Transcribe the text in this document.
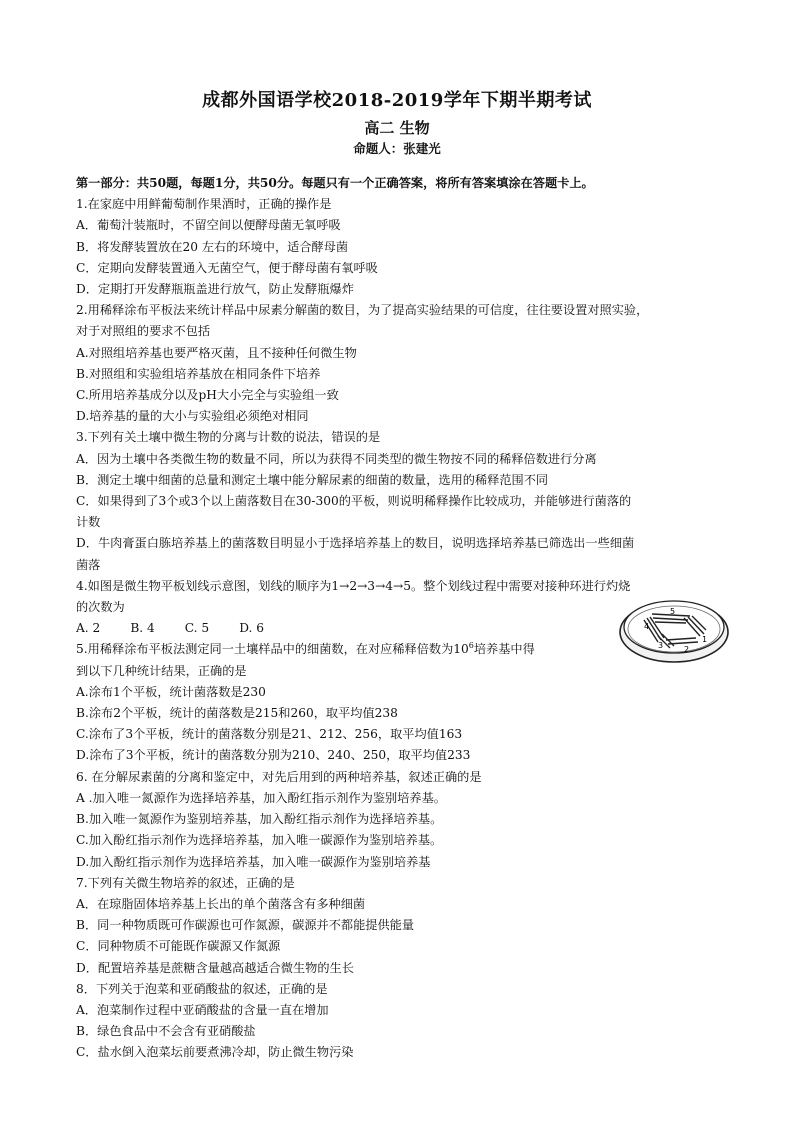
成都外国语学校2018-2019学年下期半期考试
高二 生物
命题人：张建光
第一部分：共50题，每题1分，共50分。每题只有一个正确答案，将所有答案填涂在答题卡上。
1.在家庭中用鲜葡萄制作果酒时，正确的操作是
A．葡萄汁装瓶时，不留空间以便酵母菌无氧呼吸
B．将发酵装置放在20 左右的环境中，适合酵母菌
C．定期向发酵装置通入无菌空气，便于酵母菌有氧呼吸
D．定期打开发酵瓶瓶盖进行放气，防止发酵瓶爆炸
2.用稀释涂布平板法来统计样品中尿素分解菌的数目，为了提高实验结果的可信度，往往要设置对照实验，
对于对照组的要求不包括
A.对照组培养基也要严格灭菌，且不接种任何微生物
B.对照组和实验组培养基放在相同条件下培养
C.所用培养基成分以及pH大小完全与实验组一致
D.培养基的量的大小与实验组必须绝对相同
3.下列有关土壤中微生物的分离与计数的说法，错误的是
A．因为土壤中各类微生物的数量不同，所以为获得不同类型的微生物按不同的稀释倍数进行分离
B．测定土壤中细菌的总量和测定土壤中能分解尿素的细菌的数量，选用的稀释范围不同
C．如果得到了3个或3个以上菌落数目在30-300的平板，则说明稀释操作比较成功，并能够进行菌落的
计数
D．牛肉膏蛋白胨培养基上的菌落数目明显小于选择培养基上的数目，说明选择培养基已筛选出一些细菌
菌落
4.如图是微生物平板划线示意图，划线的顺序为1→2→3→4→5。整个划线过程中需要对接种环进行灼烧
的次数为
A. 2 B. 4 C. 5 D. 6
5.用稀释涂布平板法测定同一土壤样品中的细菌数，在对应稀释倍数为$10^6$培养基中得
到以下几种统计结果，正确的是
A.涂布1个平板，统计菌落数是230
B.涂布2个平板，统计的菌落数是215和260，取平均值238
C.涂布了3个平板，统计的菌落数分别是21、212、256，取平均值163
D.涂布了3个平板，统计的菌落数分别为210、240、250，取平均值233
6. 在分解尿素菌的分离和鉴定中，对先后用到的两种培养基，叙述正确的是
A .加入唯一氮源作为选择培养基，加入酚红指示剂作为鉴别培养基。
B.加入唯一氮源作为鉴别培养基，加入酚红指示剂作为选择培养基。
C.加入酚红指示剂作为选择培养基，加入唯一碳源作为鉴别培养基。
D.加入酚红指示剂作为选择培养基，加入唯一碳源作为鉴别培养基
7.下列有关微生物培养的叙述，正确的是
A．在琼脂固体培养基上长出的单个菌落含有多种细菌
B．同一种物质既可作碳源也可作氮源，碳源并不都能提供能量
C．同种物质不可能既作碳源又作氮源
D．配置培养基是蔗糖含量越高越适合微生物的生长
8．下列关于泡菜和亚硝酸盐的叙述，正确的是
A．泡菜制作过程中亚硝酸盐的含量一直在增加
B．绿色食品中不会含有亚硝酸盐
C．盐水倒入泡菜坛前要煮沸冷却，防止微生物污染
4
5
1
2
3
